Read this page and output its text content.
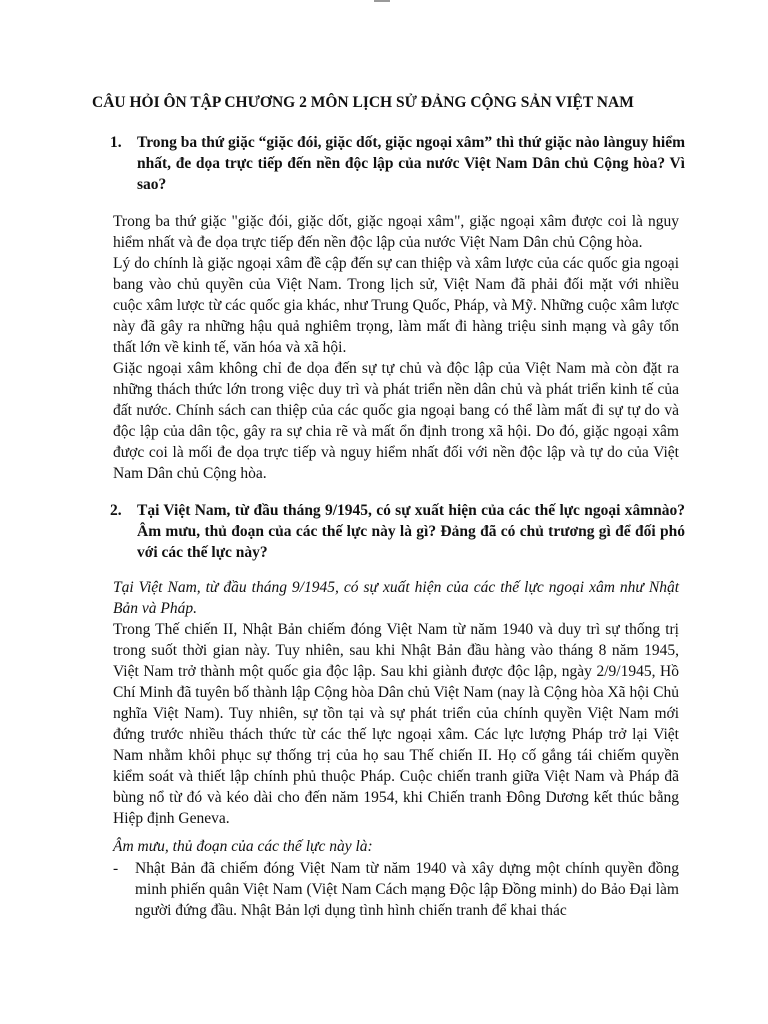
CÂU HỎI ÔN TẬP CHƯƠNG 2 MÔN LỊCH SỬ ĐẢNG CỘNG SẢN VIỆT NAM
1. Trong ba thứ giặc “giặc đói, giặc dốt, giặc ngoại xâm” thì thứ giặc nào lànguy hiểm nhất, đe dọa trực tiếp đến nền độc lập của nước Việt Nam Dân chủ Cộng hòa? Vì sao?

Trong ba thứ giặc "giặc đói, giặc dốt, giặc ngoại xâm", giặc ngoại xâm được coi là nguy hiểm nhất và đe dọa trực tiếp đến nền độc lập của nước Việt Nam Dân chủ Cộng hòa.

Lý do chính là giặc ngoại xâm đề cập đến sự can thiệp và xâm lược của các quốc gia ngoại bang vào chủ quyền của Việt Nam. Trong lịch sử, Việt Nam đã phải đối mặt với nhiều cuộc xâm lược từ các quốc gia khác, như Trung Quốc, Pháp, và Mỹ. Những cuộc xâm lược này đã gây ra những hậu quả nghiêm trọng, làm mất đi hàng triệu sinh mạng và gây tổn thất lớn về kinh tế, văn hóa và xã hội.

Giặc ngoại xâm không chỉ đe dọa đến sự tự chủ và độc lập của Việt Nam mà còn đặt ra những thách thức lớn trong việc duy trì và phát triển nền dân chủ và phát triển kinh tế của đất nước. Chính sách can thiệp của các quốc gia ngoại bang có thể làm mất đi sự tự do và độc lập của dân tộc, gây ra sự chia rẽ và mất ổn định trong xã hội. Do đó, giặc ngoại xâm được coi là mối đe dọa trực tiếp và nguy hiểm nhất đối với nền độc lập và tự do của Việt Nam Dân chủ Cộng hòa.

2. Tại Việt Nam, từ đầu tháng 9/1945, có sự xuất hiện của các thế lực ngoại xâmnào? Âm mưu, thủ đoạn của các thế lực này là gì? Đảng đã có chủ trương gì để đối phó với các thế lực này?

Tại Việt Nam, từ đầu tháng 9/1945, có sự xuất hiện của các thế lực ngoại xâm như Nhật Bản và Pháp.

Trong Thế chiến II, Nhật Bản chiếm đóng Việt Nam từ năm 1940 và duy trì sự thống trị trong suốt thời gian này. Tuy nhiên, sau khi Nhật Bản đầu hàng vào tháng 8 năm 1945, Việt Nam trở thành một quốc gia độc lập. Sau khi giành được độc lập, ngày 2/9/1945, Hồ Chí Minh đã tuyên bố thành lập Cộng hòa Dân chủ Việt Nam (nay là Cộng hòa Xã hội Chủ nghĩa Việt Nam). Tuy nhiên, sự tồn tại và sự phát triển của chính quyền Việt Nam mới đứng trước nhiều thách thức từ các thế lực ngoại xâm. Các lực lượng Pháp trở lại Việt Nam nhằm khôi phục sự thống trị của họ sau Thế chiến II. Họ cố gắng tái chiếm quyền kiểm soát và thiết lập chính phủ thuộc Pháp. Cuộc chiến tranh giữa Việt Nam và Pháp đã bùng nổ từ đó và kéo dài cho đến năm 1954, khi Chiến tranh Đông Dương kết thúc bằng Hiệp định Geneva.

Âm mưu, thủ đoạn của các thế lực này là:

- Nhật Bản đã chiếm đóng Việt Nam từ năm 1940 và xây dựng một chính quyền đồng minh phiến quân Việt Nam (Việt Nam Cách mạng Độc lập Đồng minh) do Bảo Đại làm người đứng đầu. Nhật Bản lợi dụng tình hình chiến tranh để khai thác
